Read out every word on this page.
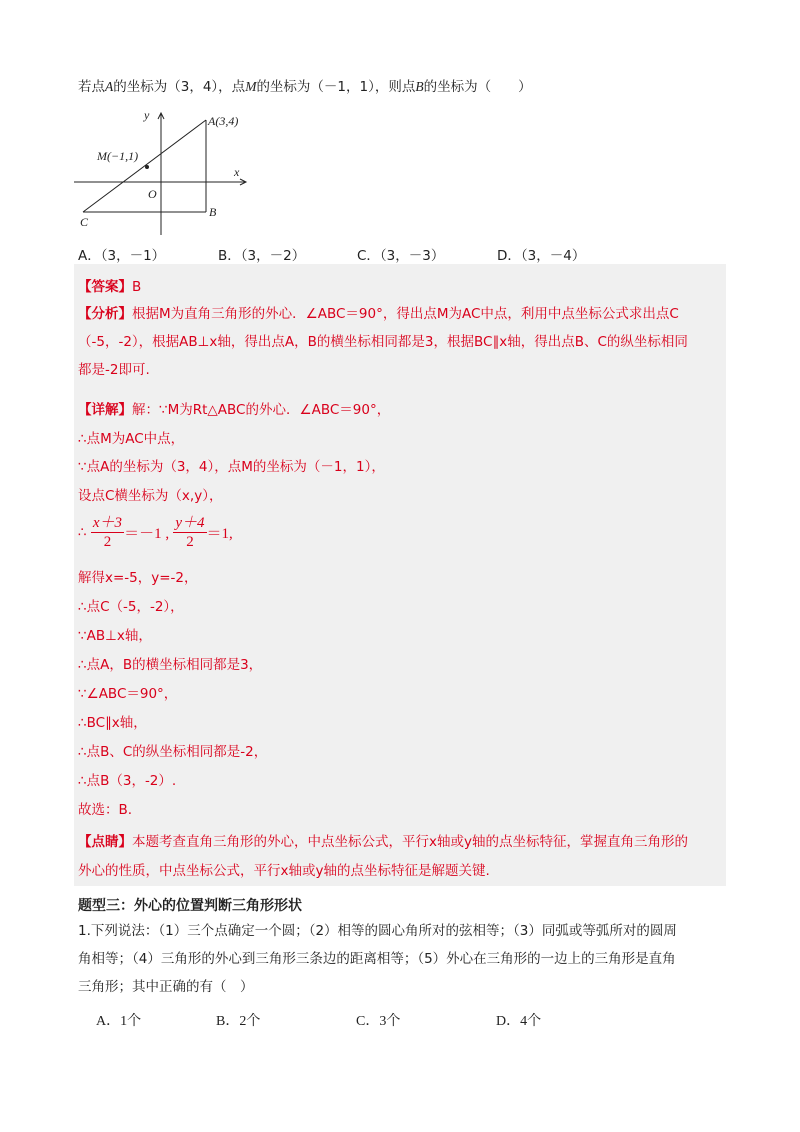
若点A的坐标为（3，4），点M的坐标为（－1，1），则点B的坐标为（　　）
y
x
A(3,4)
M(−1,1)
O
C
B
A．（3，－1）	B．（3，－2）	C．（3，－3）	D．（3，－4）
【答案】B
【分析】根据M为直角三角形的外心．∠ABC＝90°，得出点M为AC中点，利用中点坐标公式求出点C
（-5，-2），根据AB⊥x轴，得出点A，B的横坐标相同都是3，根据BC∥x轴，得出点B、C的纵坐标相同
都是-2即可.
【详解】解：∵M为Rt△ABC的外心．∠ABC＝90°，
∴点M为AC中点，
∵点A的坐标为（3，4），点M的坐标为（－1，1），
设点C横坐标为（x,y），
∴ $\frac{x+3}{2} =-1$ , $\frac{y+4}{2} =1$,
解得x=-5，y=-2，
∴点C（-5，-2），
∵AB⊥x轴，
∴点A，B的横坐标相同都是3，
∵∠ABC＝90°，
∴BC∥x轴，
∴点B、C的纵坐标相同都是-2，
∴点B（3，-2）.
故选：B.
【点睛】本题考查直角三角形的外心，中点坐标公式，平行x轴或y轴的点坐标特征，掌握直角三角形的
外心的性质，中点坐标公式，平行x轴或y轴的点坐标特征是解题关键.
题型三：外心的位置判断三角形形状
1.下列说法：（1）三个点确定一个圆；（2）相等的圆心角所对的弦相等；（3）同弧或等弧所对的圆周
角相等；（4）三角形的外心到三角形三条边的距离相等；（5）外心在三角形的一边上的三角形是直角
三角形；其中正确的有（　）
A．1个	B．2个	C．3个	D．4个
